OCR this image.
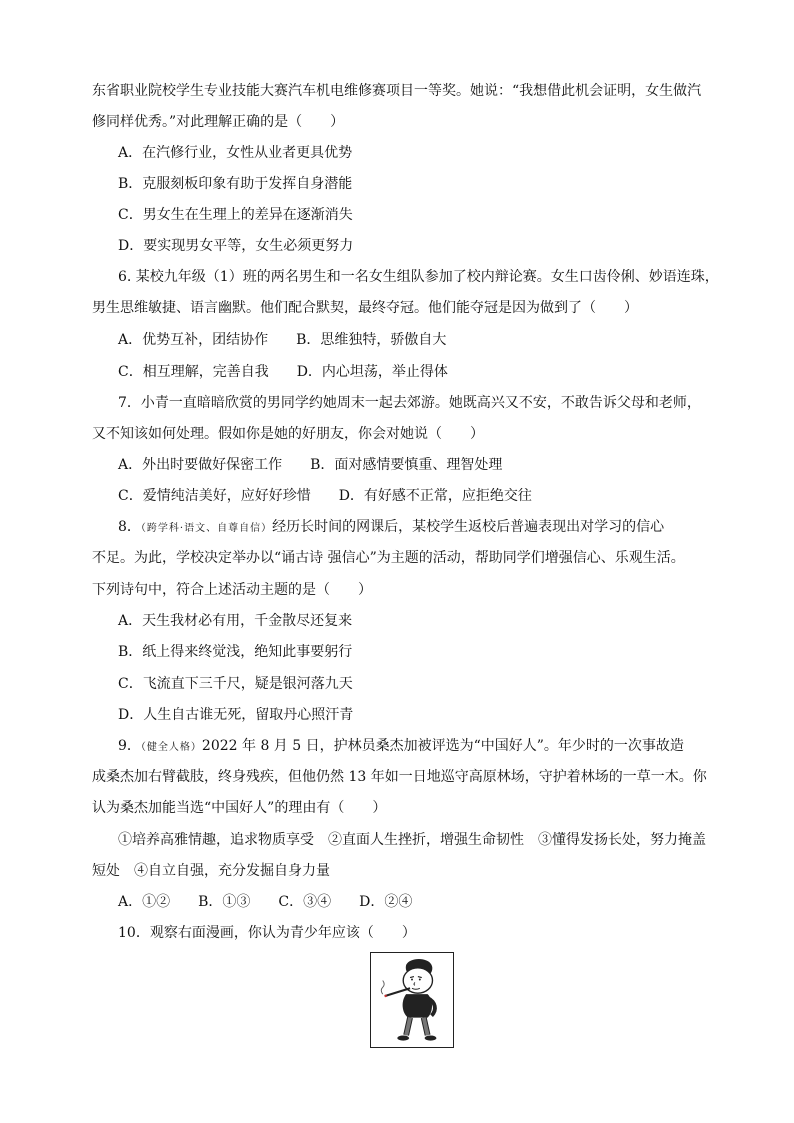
东省职业院校学生专业技能大赛汽车机电维修赛项目一等奖。她说：“我想借此机会证明，女生做汽
修同样优秀。”对此理解正确的是（　　）
A．在汽修行业，女性从业者更具优势
B．克服刻板印象有助于发挥自身潜能
C．男女生在生理上的差异在逐渐消失
D．要实现男女平等，女生必须更努力
6. 某校九年级（1）班的两名男生和一名女生组队参加了校内辩论赛。女生口齿伶俐、妙语连珠，
男生思维敏捷、语言幽默。他们配合默契，最终夺冠。他们能夺冠是因为做到了（　　）
A．优势互补，团结协作　　B．思维独特，骄傲自大
C．相互理解，完善自我　　D．内心坦荡，举止得体
7．小青一直暗暗欣赏的男同学约她周末一起去郊游。她既高兴又不安，不敢告诉父母和老师，
又不知该如何处理。假如你是她的好朋友，你会对她说（　　）
A．外出时要做好保密工作　　B．面对感情要慎重、理智处理
C．爱情纯洁美好，应好好珍惜　　D．有好感不正常，应拒绝交往
8．（跨学科·语文、自尊自信）经历长时间的网课后，某校学生返校后普遍表现出对学习的信心
不足。为此，学校决定举办以“诵古诗 强信心”为主题的活动，帮助同学们增强信心、乐观生活。
下列诗句中，符合上述活动主题的是（　　）
A．天生我材必有用，千金散尽还复来
B．纸上得来终觉浅，绝知此事要躬行
C．飞流直下三千尺，疑是银河落九天
D．人生自古谁无死，留取丹心照汗青
9．（健全人格）2022 年 8 月 5 日，护林员桑杰加被评选为“中国好人”。年少时的一次事故造
成桑杰加右臂截肢，终身残疾，但他仍然 13 年如一日地巡守高原林场，守护着林场的一草一木。你
认为桑杰加能当选“中国好人”的理由有（　　）
①培养高雅情趣，追求物质享受　②直面人生挫折，增强生命韧性　③懂得发扬长处，努力掩盖
短处　④自立自强，充分发掘自身力量
A．①②　　B．①③　　C．③④　　D．②④
10．观察右面漫画，你认为青少年应该（　　）
